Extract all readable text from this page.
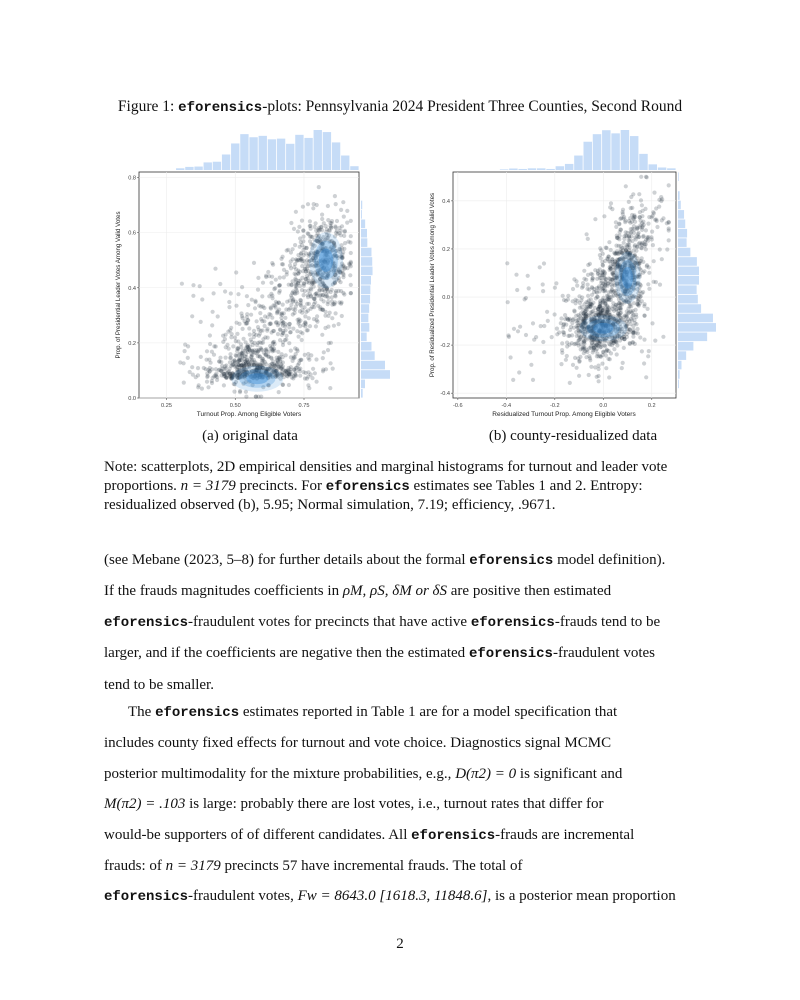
Figure 1: eforensics-plots: Pennsylvania 2024 President Three Counties, Second Round
0.25	0.50	0.75
0.0
0.2
0.4
0.6
0.8
Turnout Prop. Among Eligible Voters
Prop. of Presidential Leader Votes Among Valid Votes
(a) original data
-0.6	-0.4	-0.2	0.0	0.2
-0.4
-0.2
0.0
0.2
0.4
Residualized Turnout Prop. Among Eligible Voters
Prop. of Residualized Presidential Leader Votes Among Valid Votes
(b) county-residualized data
Note: scatterplots, 2D empirical densities and marginal histograms for turnout and leader vote proportions. n = 3179 precincts. For eforensics estimates see Tables 1 and 2. Entropy: residualized observed (b), 5.95; Normal simulation, 7.19; efficiency, .9671.
(see Mebane (2023, 5–8) for further details about the formal eforensics model definition).
If the frauds magnitudes coefficients in ρM, ρS, δM or δS are positive then estimated
eforensics-fraudulent votes for precincts that have active eforensics-frauds tend to be
larger, and if the coefficients are negative then the estimated eforensics-fraudulent votes
tend to be smaller.
The eforensics estimates reported in Table 1 are for a model specification that
includes county fixed effects for turnout and vote choice. Diagnostics signal MCMC
posterior multimodality for the mixture probabilities, e.g., D(π2) = 0 is significant and
M(π2) = .103 is large: probably there are lost votes, i.e., turnout rates that differ for
would-be supporters of of different candidates. All eforensics-frauds are incremental
frauds: of n = 3179 precincts 57 have incremental frauds. The total of
eforensics-fraudulent votes, Fw = 8643.0 [1618.3, 11848.6], is a posterior mean proportion
2
